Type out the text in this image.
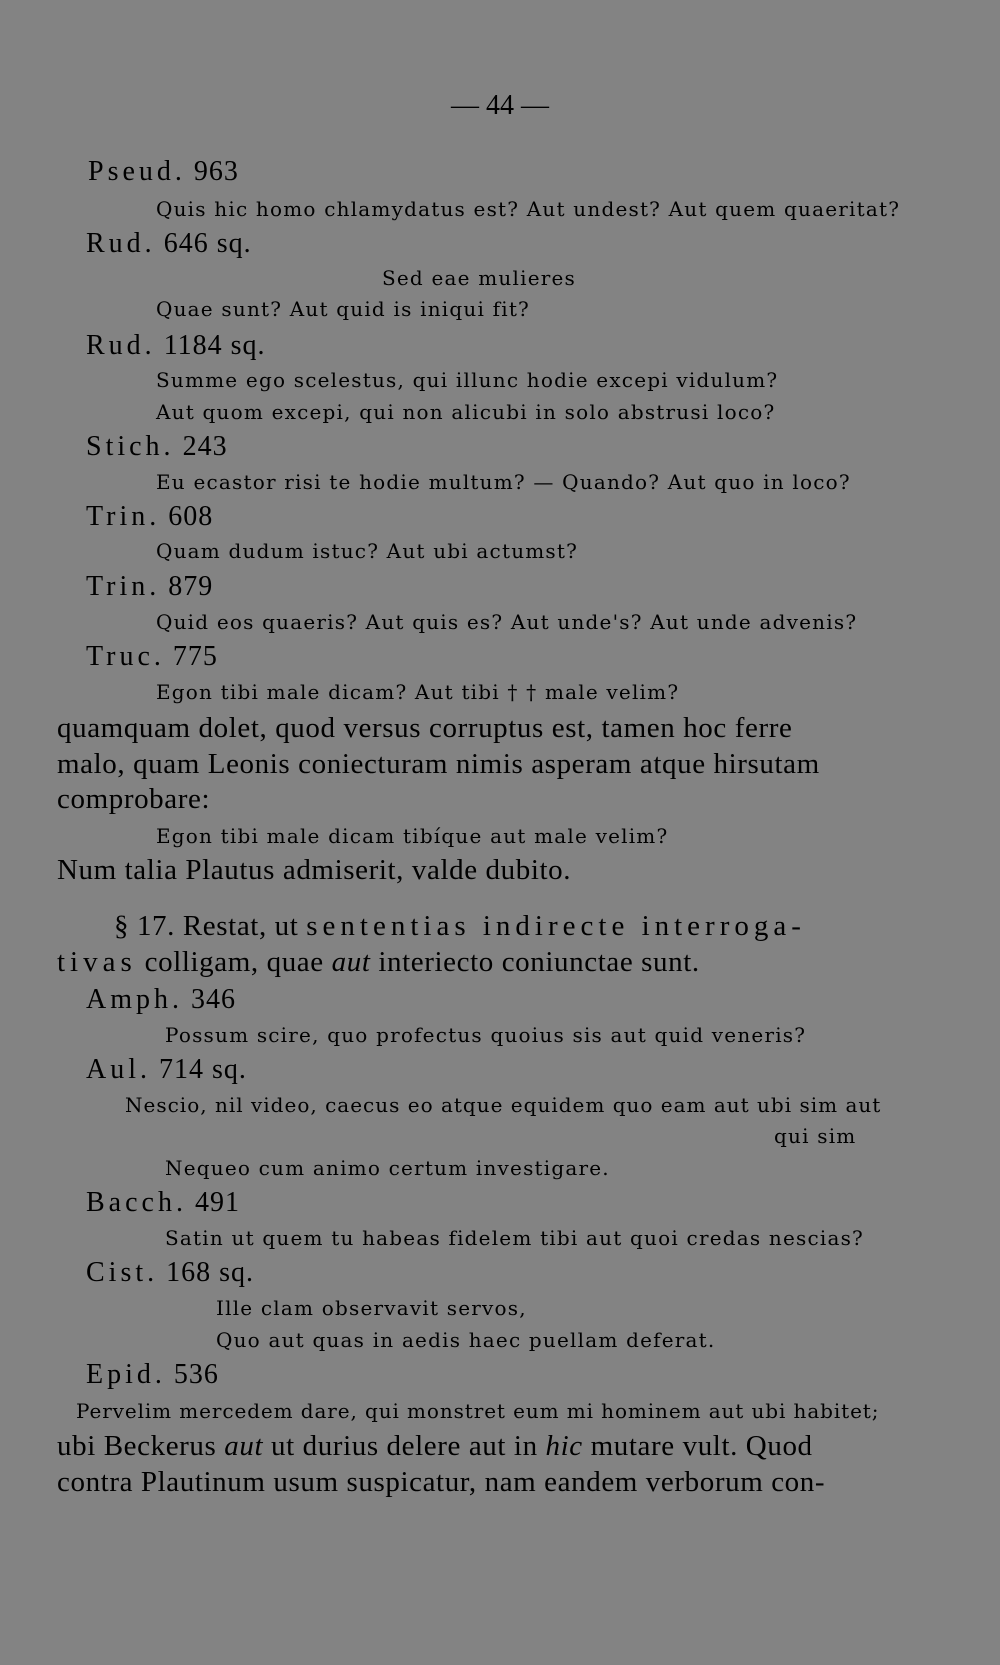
— 44 —
Pseud. 963
Quis hic homo chlamydatus est? Aut undest? Aut quem quaeritat?
Rud. 646 sq.
Sed eae mulieres
Quae sunt? Aut quid is iniqui fit?
Rud. 1184 sq.
Summe ego scelestus, qui illunc hodie excepi vidulum?
Aut quom excepi, qui non alicubi in solo abstrusi loco?
Stich. 243
Eu ecastor risi te hodie multum? — Quando? Aut quo in loco?
Trin. 608
Quam dudum istuc? Aut ubi actumst?
Trin. 879
Quid eos quaeris? Aut quis es? Aut unde's? Aut unde advenis?
Truc. 775
Egon tibi male dicam? Aut tibi † † male velim?
quamquam dolet, quod versus corruptus est, tamen hoc ferre
malo, quam Leonis coniecturam nimis asperam atque hirsutam
comprobare:
Egon tibi male dicam tibíque aut male velim?
Num talia Plautus admiserit, valde dubito.
§ 17. Restat, ut sententias indirecte interroga-
tivas colligam, quae aut interiecto coniunctae sunt.
Amph. 346
Possum scire, quo profectus quoius sis aut quid veneris?
Aul. 714 sq.
Nescio, nil video, caecus eo atque equidem quo eam aut ubi sim aut
qui sim
Nequeo cum animo certum investigare.
Bacch. 491
Satin ut quem tu habeas fidelem tibi aut quoi credas nescias?
Cist. 168 sq.
Ille clam observavit servos,
Quo aut quas in aedis haec puellam deferat.
Epid. 536
Pervelim mercedem dare, qui monstret eum mi hominem aut ubi habitet;
ubi Beckerus aut ut durius delere aut in hic mutare vult. Quod
contra Plautinum usum suspicatur, nam eandem verborum con-
